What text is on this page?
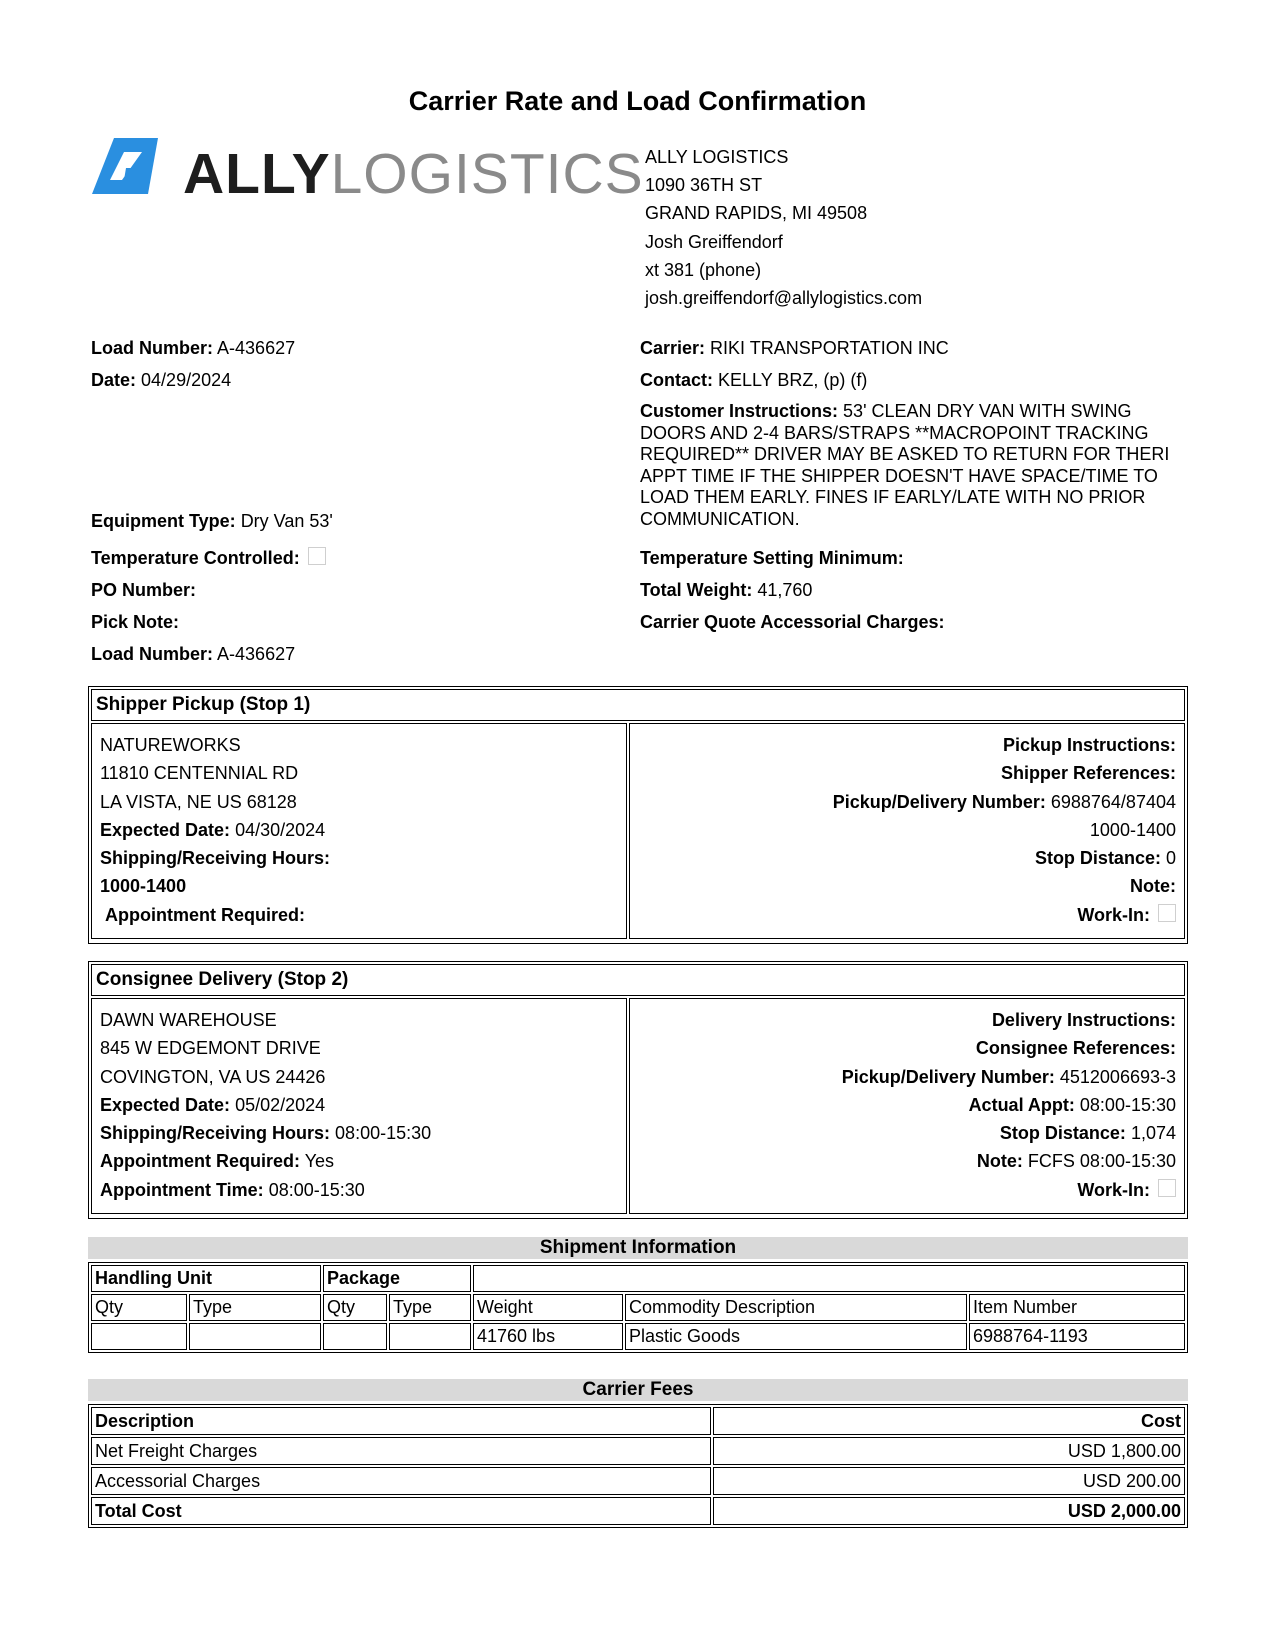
Carrier Rate and Load Confirmation
ALLYLOGISTICS ALLY LOGISTICS
1090 36TH ST
GRAND RAPIDS, MI 49508
Josh Greiffendorf
xt 381 (phone)
josh.greiffendorf@allylogistics.com
Load Number: A-436627
Date: 04/29/2024
Equipment Type: Dry Van 53'
Temperature Controlled:
PO Number:
Pick Note:
Load Number: A-436627
Carrier: RIKI TRANSPORTATION INC
Contact: KELLY BRZ, (p) (f)
Customer Instructions: 53' CLEAN DRY VAN WITH SWING DOORS AND 2-4 BARS/STRAPS **MACROPOINT TRACKING REQUIRED** DRIVER MAY BE ASKED TO RETURN FOR THERI APPT TIME IF THE SHIPPER DOESN'T HAVE SPACE/TIME TO LOAD THEM EARLY. FINES IF EARLY/LATE WITH NO PRIOR COMMUNICATION.
Temperature Setting Minimum:
Total Weight: 41,760
Carrier Quote Accessorial Charges:
Shipper Pickup (Stop 1)
NATUREWORKS
11810 CENTENNIAL RD
LA VISTA, NE US 68128
Expected Date: 04/30/2024
Shipping/Receiving Hours:
1000-1400
Appointment Required:
Pickup Instructions:
Shipper References:
Pickup/Delivery Number: 6988764/87404
1000-1400
Stop Distance: 0
Note:
Work-In:
Consignee Delivery (Stop 2)
DAWN WAREHOUSE
845 W EDGEMONT DRIVE
COVINGTON, VA US 24426
Expected Date: 05/02/2024
Shipping/Receiving Hours: 08:00-15:30
Appointment Required: Yes
Appointment Time: 08:00-15:30
Delivery Instructions:
Consignee References:
Pickup/Delivery Number: 4512006693-3
Actual Appt: 08:00-15:30
Stop Distance: 1,074
Note: FCFS 08:00-15:30
Work-In:
Shipment Information
Handling Unit		Package				
Qty	Type	Qty	Type	Weight	Commodity Description	Item Number
				41760 lbs	Plastic Goods	6988764-1193
Carrier Fees
Description	Cost
Net Freight Charges	USD 1,800.00
Accessorial Charges	USD 200.00
Total Cost	USD 2,000.00
